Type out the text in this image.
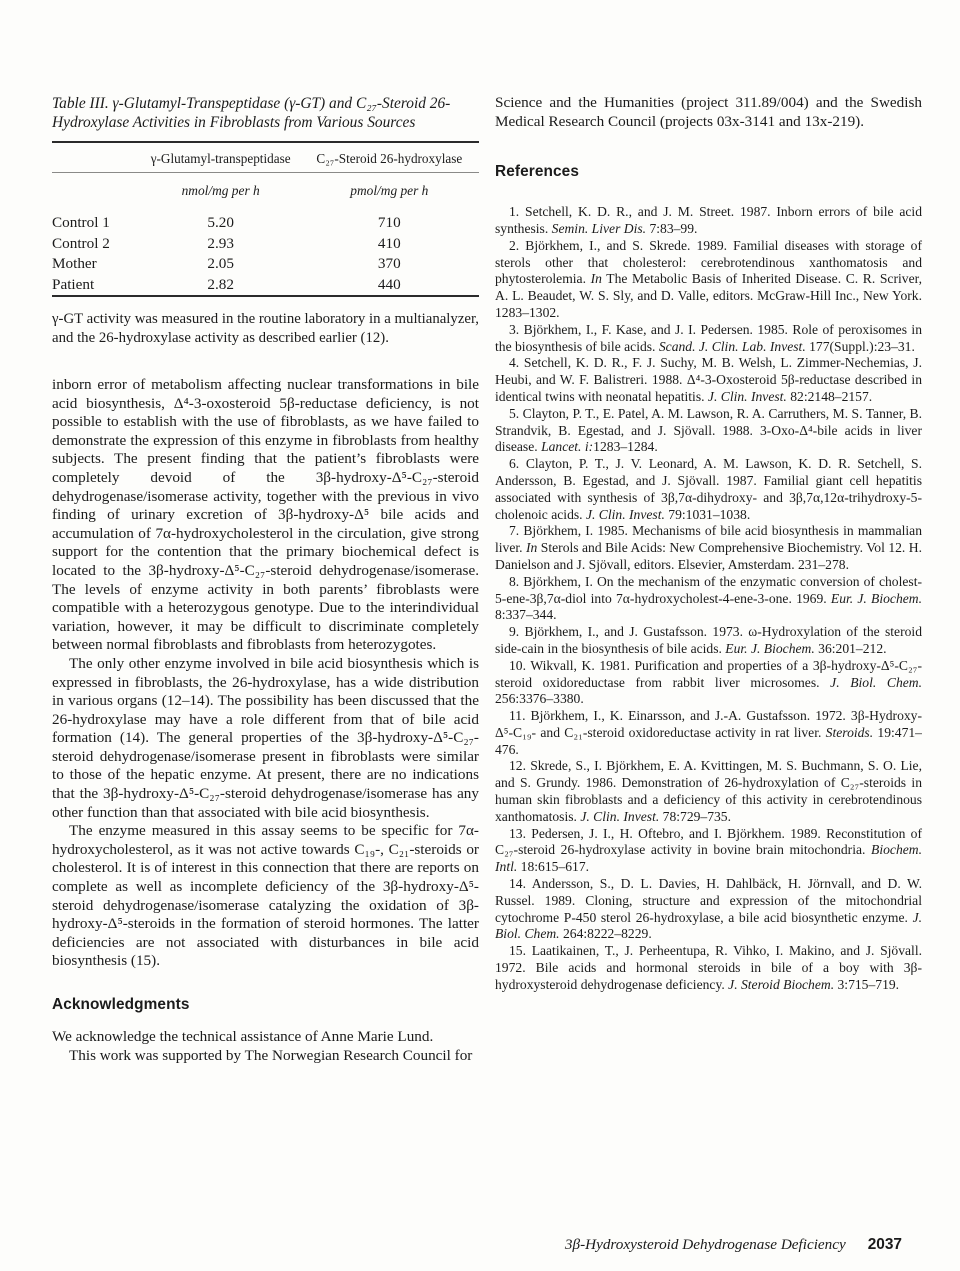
Table III. γ-Glutamyl-Transpeptidase (γ-GT) and C₂₇-Steroid 26-Hydroxylase Activities in Fibroblasts from Various Sources

	γ-Glutamyl-transpeptidase	C₂₇-Steroid 26-hydroxylase
	nmol/mg per h	pmol/mg per h
Control 1	5.20	710
Control 2	2.93	410
Mother	2.05	370
Patient	2.82	440

γ-GT activity was measured in the routine laboratory in a multianalyzer, and the 26-hydroxylase activity as described earlier (12).

inborn error of metabolism affecting nuclear transformations in bile acid biosynthesis, Δ⁴-3-oxosteroid 5β-reductase deficiency, is not possible to establish with the use of fibroblasts, as we have failed to demonstrate the expression of this enzyme in fibroblasts from healthy subjects. The present finding that the patient’s fibroblasts were completely devoid of the 3β-hydroxy-Δ⁵-C₂₇-steroid dehydrogenase/isomerase activity, together with the previous in vivo finding of urinary excretion of 3β-hydroxy-Δ⁵ bile acids and accumulation of 7α-hydroxycholesterol in the circulation, give strong support for the contention that the primary biochemical defect is located to the 3β-hydroxy-Δ⁵-C₂₇-steroid dehydrogenase/isomerase. The levels of enzyme activity in both parents’ fibroblasts were compatible with a heterozygous genotype. Due to the interindividual variation, however, it may be difficult to discriminate completely between normal fibroblasts and fibroblasts from heterozygotes.

The only other enzyme involved in bile acid biosynthesis which is expressed in fibroblasts, the 26-hydroxylase, has a wide distribution in various organs (12–14). The possibility has been discussed that the 26-hydroxylase may have a role different from that of bile acid formation (14). The general properties of the 3β-hydroxy-Δ⁵-C₂₇-steroid dehydrogenase/isomerase present in fibroblasts were similar to those of the hepatic enzyme. At present, there are no indications that the 3β-hydroxy-Δ⁵-C₂₇-steroid dehydrogenase/isomerase has any other function than that associated with bile acid biosynthesis.

The enzyme measured in this assay seems to be specific for 7α-hydroxycholesterol, as it was not active towards C₁₉-, C₂₁-steroids or cholesterol. It is of interest in this connection that there are reports on complete as well as incomplete deficiency of the 3β-hydroxy-Δ⁵-steroid dehydrogenase/isomerase catalyzing the oxidation of 3β-hydroxy-Δ⁵-steroids in the formation of steroid hormones. The latter deficiencies are not associated with disturbances in bile acid biosynthesis (15).

Acknowledgments

We acknowledge the technical assistance of Anne Marie Lund.

This work was supported by The Norwegian Research Council for

Science and the Humanities (project 311.89/004) and the Swedish Medical Research Council (projects 03x-3141 and 13x-219).

References

1. Setchell, K. D. R., and J. M. Street. 1987. Inborn errors of bile acid synthesis. Semin. Liver Dis. 7:83–99.

2. Björkhem, I., and S. Skrede. 1989. Familial diseases with storage of sterols other that cholesterol: cerebrotendinous xanthomatosis and phytosterolemia. In The Metabolic Basis of Inherited Disease. C. R. Scriver, A. L. Beaudet, W. S. Sly, and D. Valle, editors. McGraw-Hill Inc., New York. 1283–1302.

3. Björkhem, I., F. Kase, and J. I. Pedersen. 1985. Role of peroxisomes in the biosynthesis of bile acids. Scand. J. Clin. Lab. Invest. 177(Suppl.):23–31.

4. Setchell, K. D. R., F. J. Suchy, M. B. Welsh, L. Zimmer-Nechemias, J. Heubi, and W. F. Balistreri. 1988. Δ⁴-3-Oxosteroid 5β-reductase described in identical twins with neonatal hepatitis. J. Clin. Invest. 82:2148–2157.

5. Clayton, P. T., E. Patel, A. M. Lawson, R. A. Carruthers, M. S. Tanner, B. Strandvik, B. Egestad, and J. Sjövall. 1988. 3-Oxo-Δ⁴-bile acids in liver disease. Lancet. i:1283–1284.

6. Clayton, P. T., J. V. Leonard, A. M. Lawson, K. D. R. Setchell, S. Andersson, B. Egestad, and J. Sjövall. 1987. Familial giant cell hepatitis associated with synthesis of 3β,7α-dihydroxy- and 3β,7α,12α-trihydroxy-5-cholenoic acids. J. Clin. Invest. 79:1031–1038.

7. Björkhem, I. 1985. Mechanisms of bile acid biosynthesis in mammalian liver. In Sterols and Bile Acids: New Comprehensive Biochemistry. Vol 12. H. Danielson and J. Sjövall, editors. Elsevier, Amsterdam. 231–278.

8. Björkhem, I. On the mechanism of the enzymatic conversion of cholest-5-ene-3β,7α-diol into 7α-hydroxycholest-4-ene-3-one. 1969. Eur. J. Biochem. 8:337–344.

9. Björkhem, I., and J. Gustafsson. 1973. ω-Hydroxylation of the steroid side-cain in the biosynthesis of bile acids. Eur. J. Biochem. 36:201–212.

10. Wikvall, K. 1981. Purification and properties of a 3β-hydroxy-Δ⁵-C₂₇-steroid oxidoreductase from rabbit liver microsomes. J. Biol. Chem. 256:3376–3380.

11. Björkhem, I., K. Einarsson, and J.-A. Gustafsson. 1972. 3β-Hydroxy-Δ⁵-C₁₉- and C₂₁-steroid oxidoreductase activity in rat liver. Steroids. 19:471–476.

12. Skrede, S., I. Björkhem, E. A. Kvittingen, M. S. Buchmann, S. O. Lie, and S. Grundy. 1986. Demonstration of 26-hydroxylation of C₂₇-steroids in human skin fibroblasts and a deficiency of this activity in cerebrotendinous xanthomatosis. J. Clin. Invest. 78:729–735.

13. Pedersen, J. I., H. Oftebro, and I. Björkhem. 1989. Reconstitution of C₂₇-steroid 26-hydroxylase activity in bovine brain mitochondria. Biochem. Intl. 18:615–617.

14. Andersson, S., D. L. Davies, H. Dahlbäck, H. Jörnvall, and D. W. Russel. 1989. Cloning, structure and expression of the mitochondrial cytochrome P-450 sterol 26-hydroxylase, a bile acid biosynthetic enzyme. J. Biol. Chem. 264:8222–8229.

15. Laatikainen, T., J. Perheentupa, R. Vihko, I. Makino, and J. Sjövall. 1972. Bile acids and hormonal steroids in bile of a boy with 3β-hydroxysteroid dehydrogenase deficiency. J. Steroid Biochem. 3:715–719.

3β-Hydroxysteroid Dehydrogenase Deficiency 2037
